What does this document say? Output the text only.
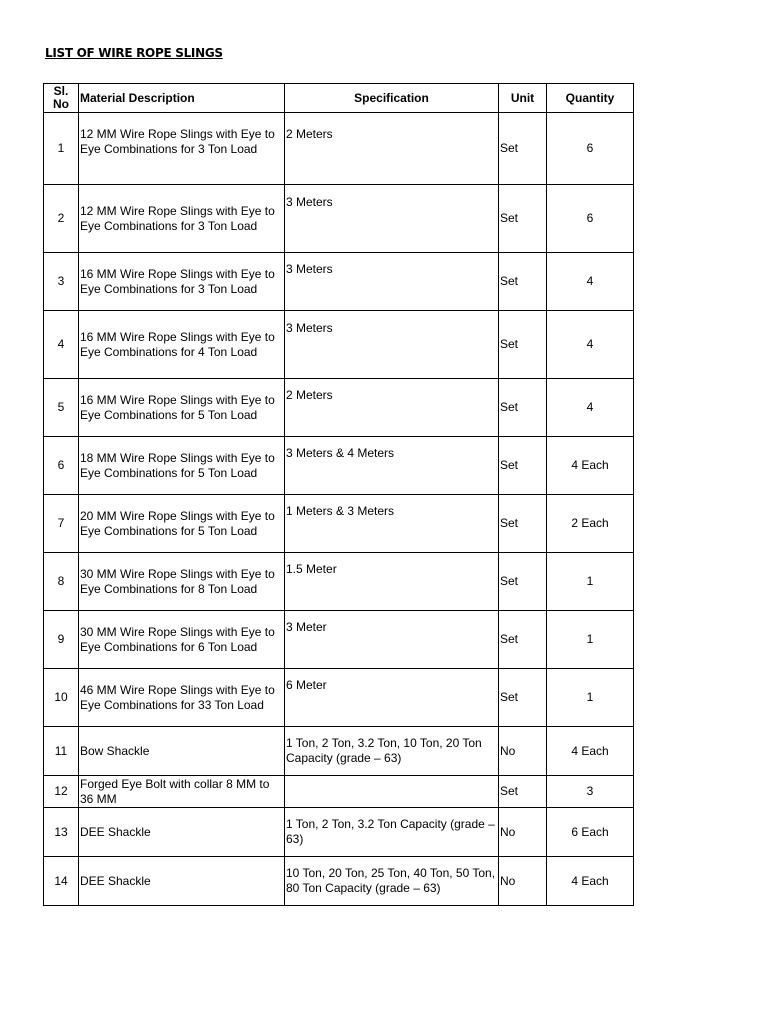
LIST OF WIRE ROPE SLINGS
Sl. No	Material Description	Specification	Unit	Quantity
1	12 MM Wire Rope Slings with Eye to Eye Combinations for 3 Ton Load	2 Meters	Set	6
2	12 MM Wire Rope Slings with Eye to Eye Combinations for 3 Ton Load	3 Meters	Set	6
3	16 MM Wire Rope Slings with Eye to Eye Combinations for 3 Ton Load	3 Meters	Set	4
4	16 MM Wire Rope Slings with Eye to Eye Combinations for 4 Ton Load	3 Meters	Set	4
5	16 MM Wire Rope Slings with Eye to Eye Combinations for 5 Ton Load	2 Meters	Set	4
6	18 MM Wire Rope Slings with Eye to Eye Combinations for 5 Ton Load	3 Meters & 4 Meters	Set	4 Each
7	20 MM Wire Rope Slings with Eye to Eye Combinations for 5 Ton Load	1 Meters & 3 Meters	Set	2 Each
8	30 MM Wire Rope Slings with Eye to Eye Combinations for 8 Ton Load	1.5 Meter	Set	1
9	30 MM Wire Rope Slings with Eye to Eye Combinations for 6 Ton Load	3 Meter	Set	1
10	46 MM Wire Rope Slings with Eye to Eye Combinations for 33 Ton Load	6 Meter	Set	1
11	Bow Shackle	1 Ton, 2 Ton, 3.2 Ton, 10 Ton, 20 Ton Capacity (grade – 63)	No	4 Each
12	Forged Eye Bolt with collar 8 MM to 36 MM		Set	3
13	DEE Shackle	1 Ton, 2 Ton, 3.2 Ton Capacity (grade – 63)	No	6 Each
14	DEE Shackle	10 Ton, 20 Ton, 25 Ton, 40 Ton, 50 Ton, 80 Ton Capacity (grade – 63)	No	4 Each
